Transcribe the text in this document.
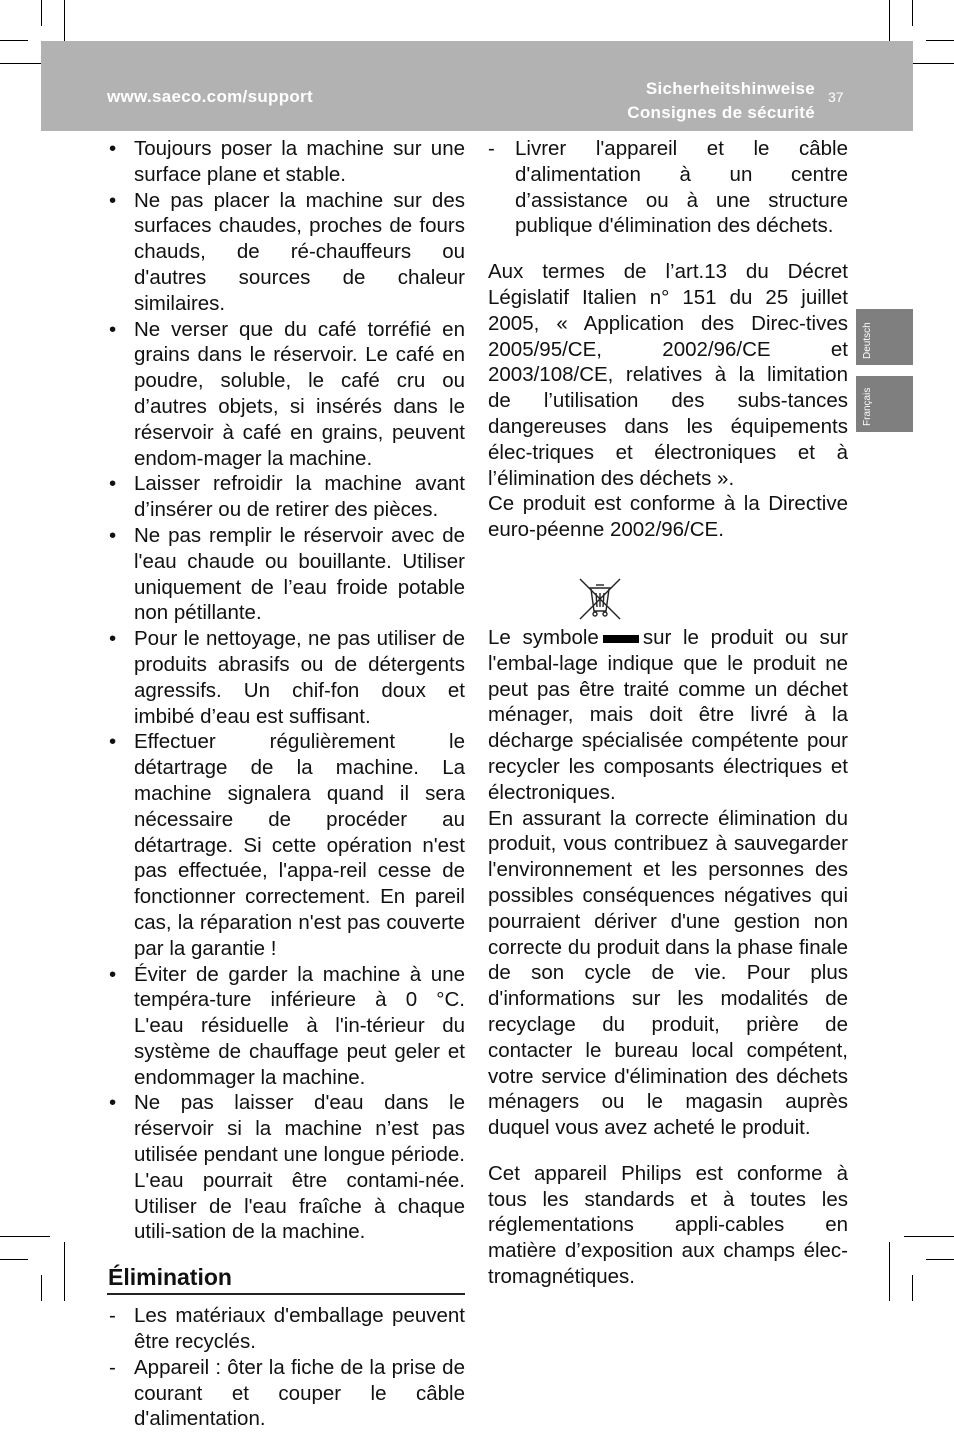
www.saeco.com/support	Sicherheitshinweise
Consignes de sécurité
37
Deutsch
Français
• Toujours poser la machine sur une surface plane et stable.
• Ne pas placer la machine sur des surfaces chaudes, proches de fours chauds, de ré-chauffeurs ou d'autres sources de chaleur similaires.
• Ne verser que du café torréfié en grains dans le réservoir. Le café en poudre, soluble, le café cru ou d’autres objets, si insérés dans le réservoir à café en grains, peuvent endom-mager la machine.
• Laisser refroidir la machine avant d’insérer ou de retirer des pièces.
• Ne pas remplir le réservoir avec de l'eau chaude ou bouillante. Utiliser uniquement de l’eau froide potable non pétillante.
• Pour le nettoyage, ne pas utiliser de produits abrasifs ou de détergents agressifs. Un chif-fon doux et imbibé d’eau est suffisant.
• Effectuer régulièrement le détartrage de la machine. La machine signalera quand il sera nécessaire de procéder au détartrage. Si cette opération n'est pas effectuée, l'appa-reil cesse de fonctionner correctement. En pareil cas, la réparation n'est pas couverte par la garantie !
• Éviter de garder la machine à une tempéra-ture inférieure à 0 °C. L'eau résiduelle à l'in-térieur du système de chauffage peut geler et endommager la machine.
• Ne pas laisser d'eau dans le réservoir si la machine n’est pas utilisée pendant une longue période. L'eau pourrait être contami-née. Utiliser de l'eau fraîche à chaque utili-sation de la machine.
Élimination
- Les matériaux d'emballage peuvent être recyclés.
- Appareil : ôter la fiche de la prise de courant et couper le câble d'alimentation.
- Livrer l'appareil et le câble d'alimentation à un centre d’assistance ou à une structure publique d'élimination des déchets.

Aux termes de l’art.13 du Décret Législatif Italien n° 151 du 25 juillet 2005, « Application des Direc-tives 2005/95/CE, 2002/96/CE et 2003/108/CE, relatives à la limitation de l’utilisation des subs-tances dangereuses dans les équipements élec-triques et électroniques et à l’élimination des déchets ».

Ce produit est conforme à la Directive euro-péenne 2002/96/CE.

Le symbole sur le produit ou sur l'embal-lage indique que le produit ne peut pas être traité comme un déchet ménager, mais doit être livré à la décharge spécialisée compétente pour recycler les composants électriques et électroniques.

En assurant la correcte élimination du produit, vous contribuez à sauvegarder l'environnement et les personnes des possibles conséquences négatives qui pourraient dériver d'une gestion non correcte du produit dans la phase finale de son cycle de vie. Pour plus d'informations sur les modalités de recyclage du produit, prière de contacter le bureau local compétent, votre service d'élimination des déchets ménagers ou le magasin auprès duquel vous avez acheté le produit.

Cet appareil Philips est conforme à tous les standards et à toutes les réglementations appli-cables en matière d’exposition aux champs élec-tromagnétiques.
